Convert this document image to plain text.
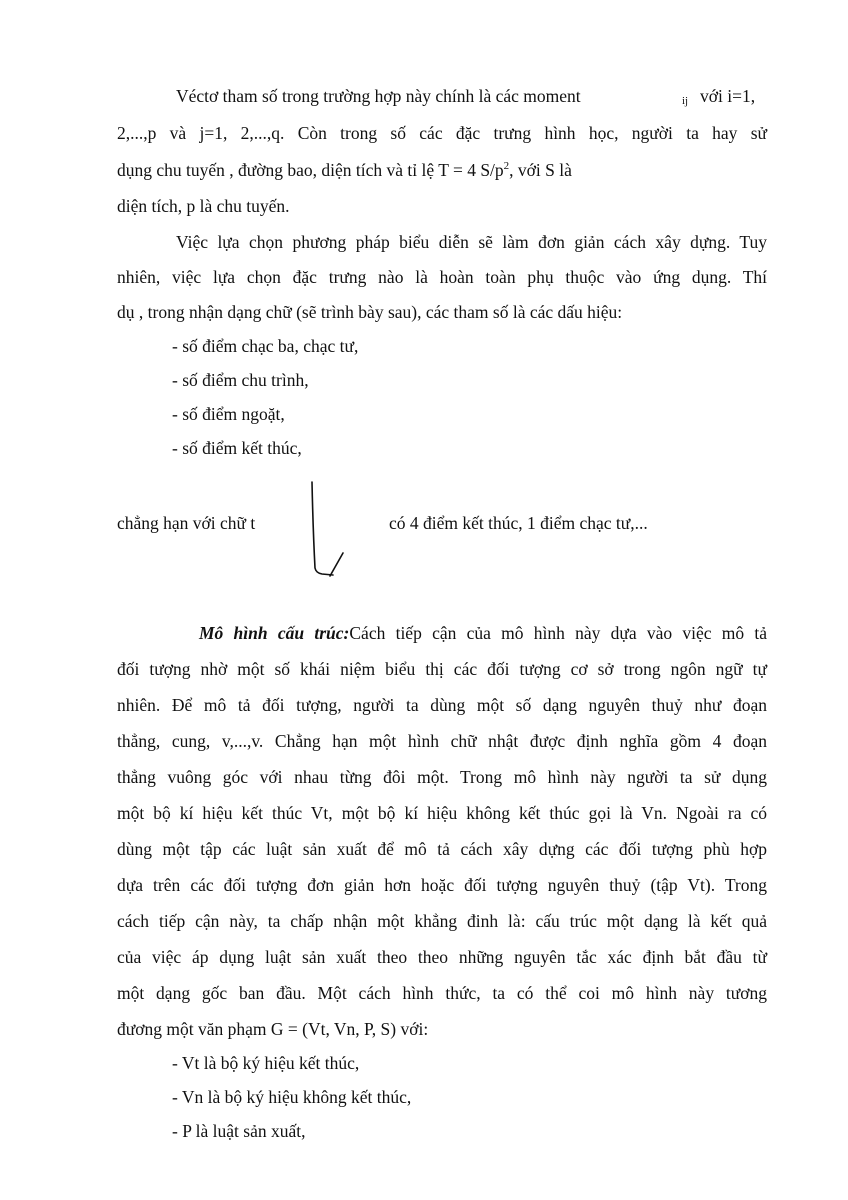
Véctơ tham số trong trường hợp này chính là các moment	ij với i=1,
2,...,p và j=1, 2,...,q. Còn trong số các đặc trưng hình học, người ta hay sử
dụng chu tuyến , đường bao, diện tích và tỉ lệ T = 4 $S/p^2$, với S là
diện tích, p là chu tuyến.
Việc lựa chọn phương pháp biểu diễn sẽ làm đơn giản cách xây dựng. Tuy
nhiên, việc lựa chọn đặc trưng nào là hoàn toàn phụ thuộc vào ứng dụng. Thí
dụ , trong nhận dạng chữ (sẽ trình bày sau), các tham số là các dấu hiệu:
- số điểm chạc ba, chạc tư,
- số điểm chu trình,
- số điểm ngoặt,
- số điểm kết thúc,
chẳng hạn với chữ t	có 4 điểm kết thúc, 1 điểm chạc tư,...
Mô hình cấu trúc:Cách tiếp cận của mô hình này dựa vào việc mô tả
đối tượng nhờ một số khái niệm biểu thị các đối tượng cơ sở trong ngôn ngữ tự
nhiên. Để mô tả đối tượng, người ta dùng một số dạng nguyên thuỷ như đoạn
thẳng, cung, v,...,v. Chẳng hạn một hình chữ nhật được định nghĩa gồm 4 đoạn
thẳng vuông góc với nhau từng đôi một. Trong mô hình này người ta sử dụng
một bộ kí hiệu kết thúc Vt, một bộ kí hiệu không kết thúc gọi là Vn. Ngoài ra có
dùng một tập các luật sản xuất để mô tả cách xây dựng các đối tượng phù hợp
dựa trên các đối tượng đơn giản hơn hoặc đối tượng nguyên thuỷ (tập Vt). Trong
cách tiếp cận này, ta chấp nhận một khẳng đinh là: cấu trúc một dạng là kết quả
của việc áp dụng luật sản xuất theo theo những nguyên tắc xác định bắt đầu từ
một dạng gốc ban đầu. Một cách hình thức, ta có thể coi mô hình này tương
đương một văn phạm G = (Vt, Vn, P, S) với:
- Vt là bộ ký hiệu kết thúc,
- Vn là bộ ký hiệu không kết thúc,
- P là luật sản xuất,
